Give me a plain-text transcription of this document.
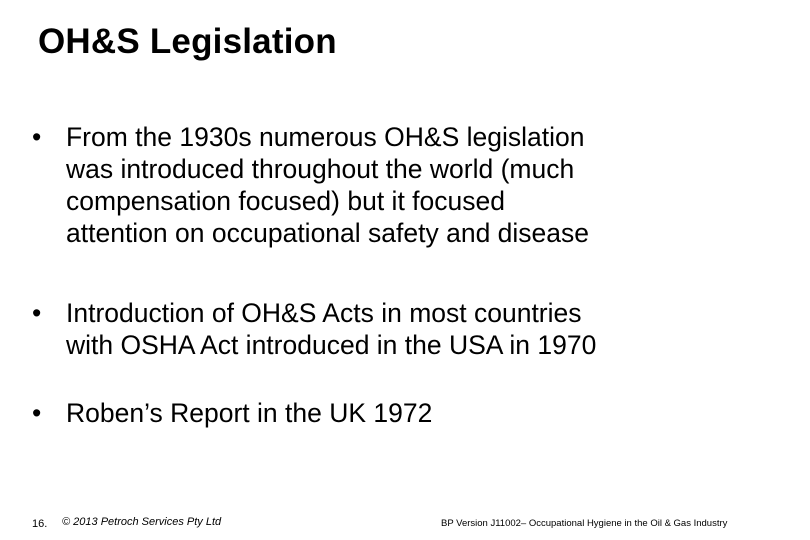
OH&S Legislation
• From the 1930s numerous OH&S legislation
was introduced throughout the world (much
compensation focused) but it focused
attention on occupational safety and disease
• Introduction of OH&S Acts in most countries
with OSHA Act introduced in the USA in 1970
• Roben’s Report in the UK 1972
16. © 2013 Petroch Services Pty Ltd	BP Version J11002– Occupational Hygiene in the Oil & Gas Industry
